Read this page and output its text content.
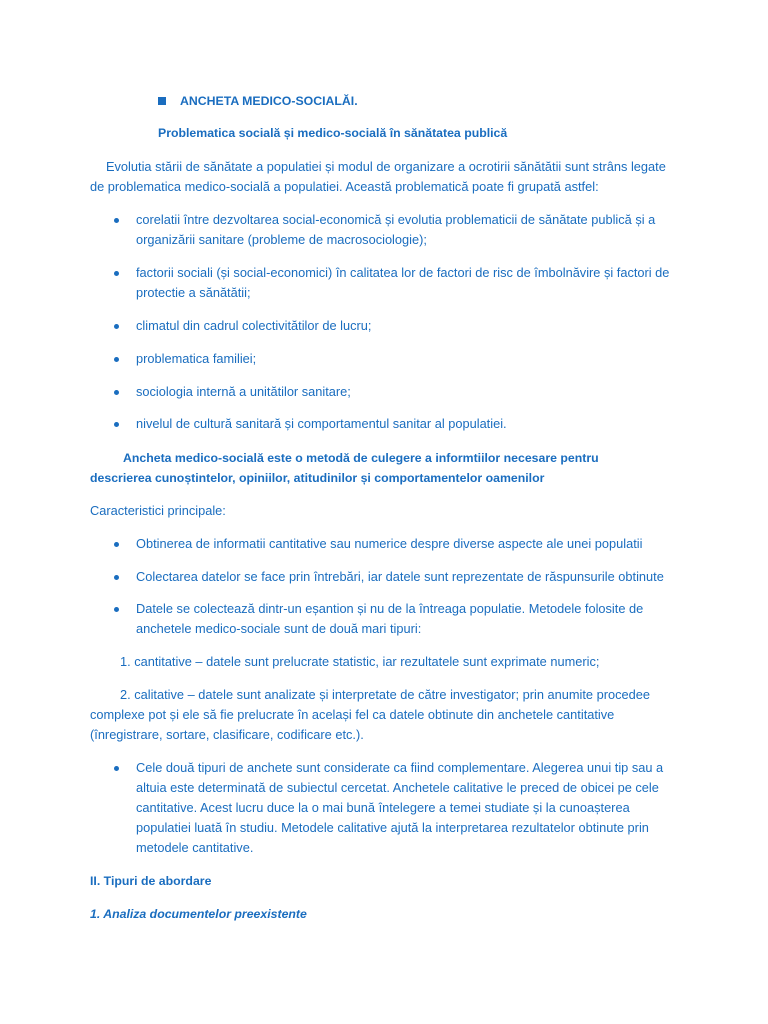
ANCHETA MEDICO-SOCIALĂI.
Problematica socială și medico-socială în sănătatea publică
Evolutia stării de sănătate a populatiei și modul de organizare a ocrotirii sănătătii sunt strâns legate
de problematica medico-socială a populatiei. Această problematică poate fi grupată astfel:
corelatii între dezvoltarea social-economică și evolutia problematicii de sănătate publică și a
organizării sanitare (probleme de macrosociologie);
factorii sociali (și social-economici) în calitatea lor de factori de risc de îmbolnăvire și factori de
protectie a sănătătii;
climatul din cadrul colectivitătilor de lucru;
problematica familiei;
sociologia internă a unitătilor sanitare;
nivelul de cultură sanitară și comportamentul sanitar al populatiei.
Ancheta medico-socială este o metodă de culegere a informtiilor necesare pentru
descrierea cunoștintelor, opiniilor, atitudinilor și comportamentelor oamenilor
Caracteristici principale:
Obtinerea de informatii cantitative sau numerice despre diverse aspecte ale unei populatii
Colectarea datelor se face prin întrebări, iar datele sunt reprezentate de răspunsurile obtinute
Datele se colectează dintr-un eșantion și nu de la întreaga populatie. Metodele folosite de
anchetele medico-sociale sunt de două mari tipuri:
1. cantitative – datele sunt prelucrate statistic, iar rezultatele sunt exprimate numeric;
2. calitative – datele sunt analizate și interpretate de către investigator; prin anumite procedee
complexe pot și ele să fie prelucrate în același fel ca datele obtinute din anchetele cantitative
(înregistrare, sortare, clasificare, codificare etc.).
Cele două tipuri de anchete sunt considerate ca fiind complementare. Alegerea unui tip sau a
altuia este determinată de subiectul cercetat. Anchetele calitative le preced de obicei pe cele
cantitative. Acest lucru duce la o mai bună întelegere a temei studiate și la cunoașterea
populatiei luată în studiu. Metodele calitative ajută la interpretarea rezultatelor obtinute prin
metodele cantitative.
II. Tipuri de abordare
1. Analiza documentelor preexistente
